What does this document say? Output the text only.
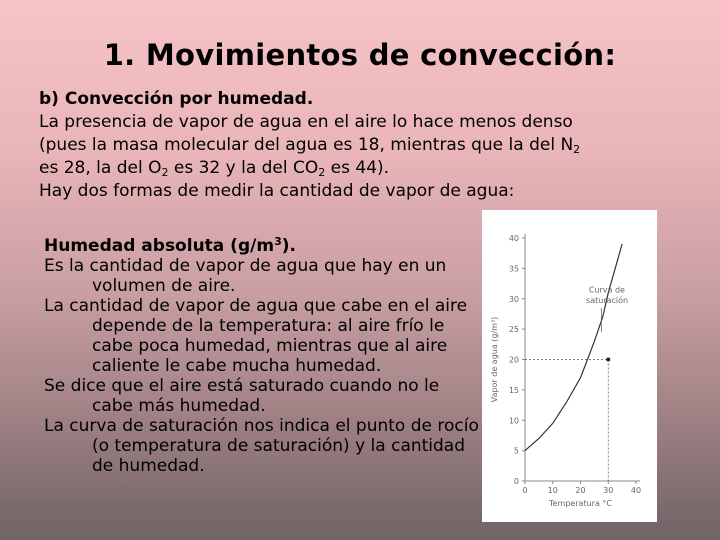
1. Movimientos de convección:
b) Convección por humedad.
La presencia de vapor de agua en el aire lo hace menos denso
(pues la masa molecular del agua es 18, mientras que la del $N_2$
es 28, la del $O_2$ es 32 y la del $CO_2$ es 44).
Hay dos formas de medir la cantidad de vapor de agua:
Humedad absoluta $(g/m^3)$.
Es la cantidad de vapor de agua que hay en un volumen de aire.
La cantidad de vapor de agua que cabe en el aire depende de la temperatura: al aire frío le cabe poca humedad, mientras que al aire caliente le cabe mucha humedad.
Se dice que el aire está saturado cuando no le cabe más humedad.
La curva de saturación nos indica el punto de rocío (o temperatura de saturación) y la cantidad de humedad.
0
5
10
15
20
25
30
35
40
0	10 20 30 40
Temperatura °C
Vapor de agua (g/m³)
Curva de
saturación
